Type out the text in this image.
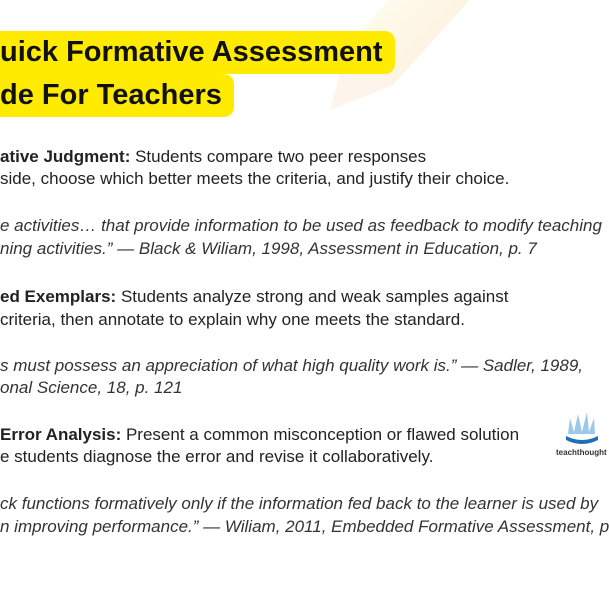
uick Formative Assessment
de For Teachers
ative Judgment: Students compare two peer responses
side, choose which better meets the criteria, and justify their choice.
e activities… that provide information to be used as feedback to modify teaching
ning activities.” — Black & Wiliam, 1998, Assessment in Education, p. 7
ed Exemplars: Students analyze strong and weak samples against
criteria, then annotate to explain why one meets the standard.
s must possess an appreciation of what high quality work is.” — Sadler, 1989,
onal Science, 18, p. 121
Error Analysis: Present a common misconception or flawed solution
e students diagnose the error and revise it collaboratively.
ck functions formatively only if the information fed back to the learner is used by
n improving performance.” — Wiliam, 2011, Embedded Formative Assessment, p
teachthought
